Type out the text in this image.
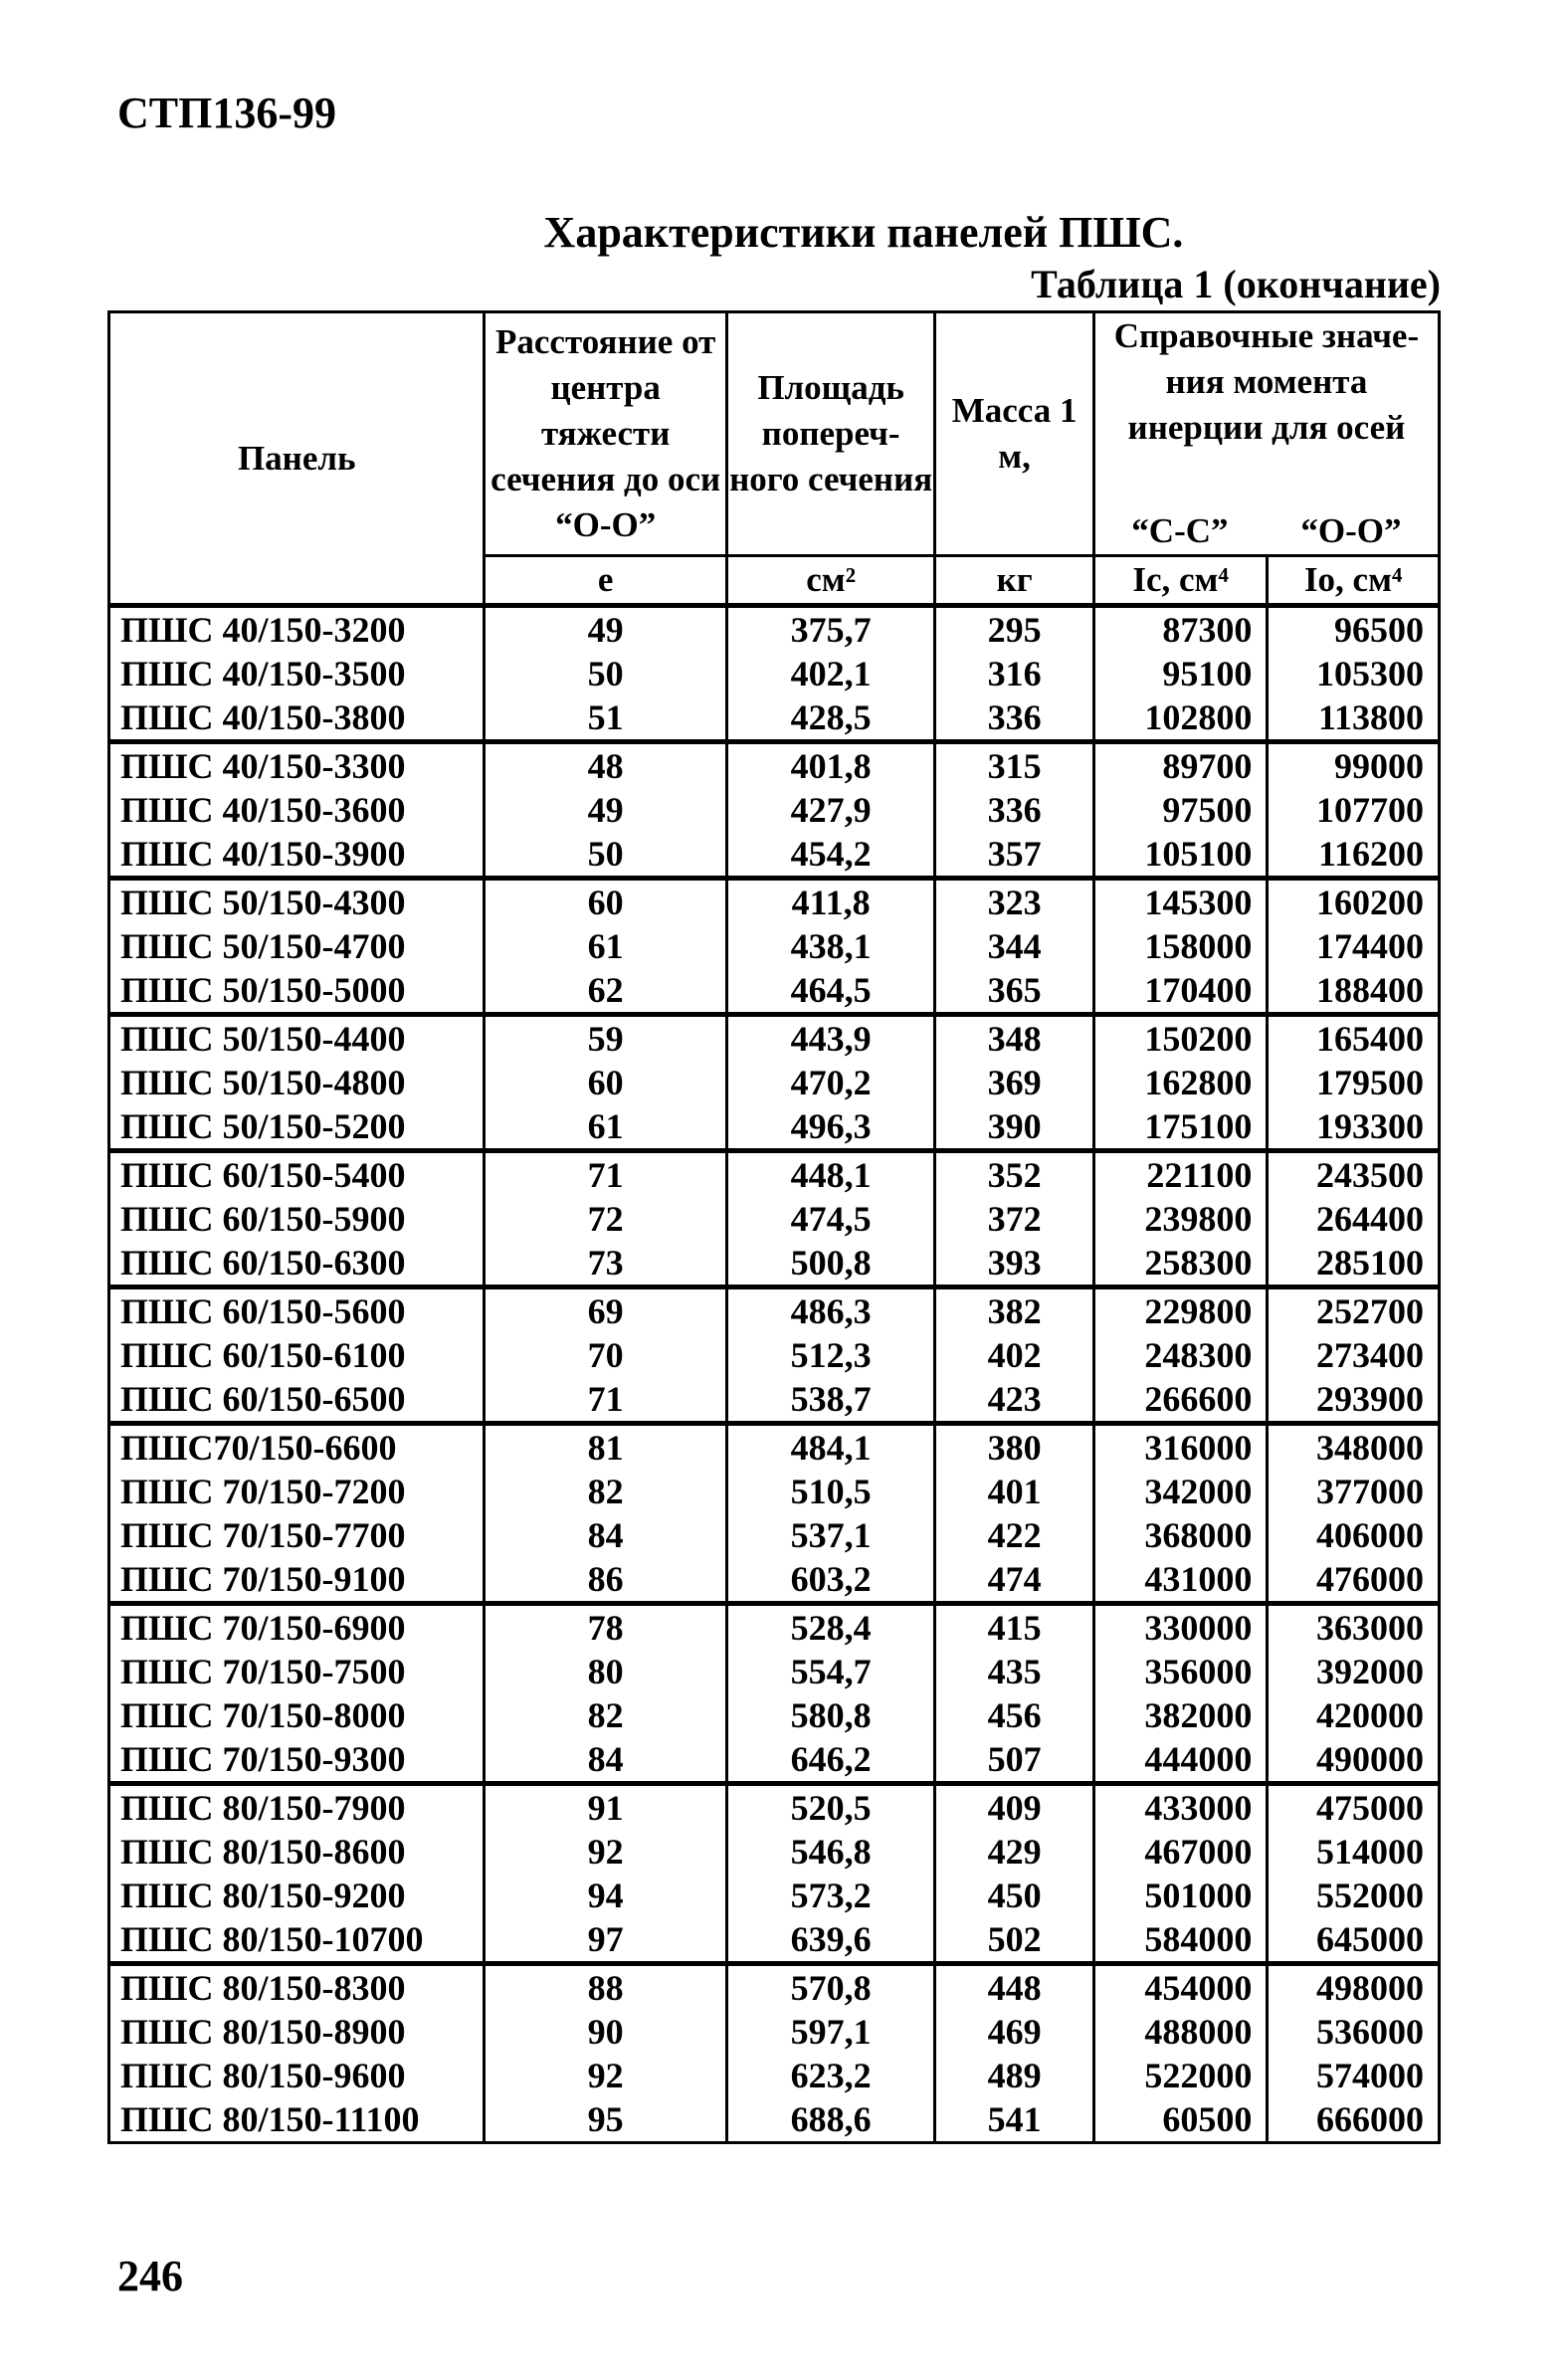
СТП136-99
Характеристики панелей ПШС.
Таблица 1 (окончание)
Панель	Расстояние от центра тяжести сечения до оси “О-О”	Площадь попереч-ного сечения	Масса 1 м,	Справочные значе-ния момента инерции для осей
“С-С” “О-О”	

	е	см²	кг	Iс, см⁴	Iо, см⁴
ПШС 40/150-3200	49	375,7	295	87300	96500
ПШС 40/150-3500	50	402,1	316	95100	105300
ПШС 40/150-3800	51	428,5	336	102800	113800
ПШС 40/150-3300	48	401,8	315	89700	99000
ПШС 40/150-3600	49	427,9	336	97500	107700
ПШС 40/150-3900	50	454,2	357	105100	116200
ПШС 50/150-4300	60	411,8	323	145300	160200
ПШС 50/150-4700	61	438,1	344	158000	174400
ПШС 50/150-5000	62	464,5	365	170400	188400
ПШС 50/150-4400	59	443,9	348	150200	165400
ПШС 50/150-4800	60	470,2	369	162800	179500
ПШС 50/150-5200	61	496,3	390	175100	193300
ПШС 60/150-5400	71	448,1	352	221100	243500
ПШС 60/150-5900	72	474,5	372	239800	264400
ПШС 60/150-6300	73	500,8	393	258300	285100
ПШС 60/150-5600	69	486,3	382	229800	252700
ПШС 60/150-6100	70	512,3	402	248300	273400
ПШС 60/150-6500	71	538,7	423	266600	293900
ПШС70/150-6600	81	484,1	380	316000	348000
ПШС 70/150-7200	82	510,5	401	342000	377000
ПШС 70/150-7700	84	537,1	422	368000	406000
ПШС 70/150-9100	86	603,2	474	431000	476000
ПШС 70/150-6900	78	528,4	415	330000	363000
ПШС 70/150-7500	80	554,7	435	356000	392000
ПШС 70/150-8000	82	580,8	456	382000	420000
ПШС 70/150-9300	84	646,2	507	444000	490000
ПШС 80/150-7900	91	520,5	409	433000	475000
ПШС 80/150-8600	92	546,8	429	467000	514000
ПШС 80/150-9200	94	573,2	450	501000	552000
ПШС 80/150-10700	97	639,6	502	584000	645000
ПШС 80/150-8300	88	570,8	448	454000	498000
ПШС 80/150-8900	90	597,1	469	488000	536000
ПШС 80/150-9600	92	623,2	489	522000	574000
ПШС 80/150-11100	95	688,6	541	60500	666000
246
